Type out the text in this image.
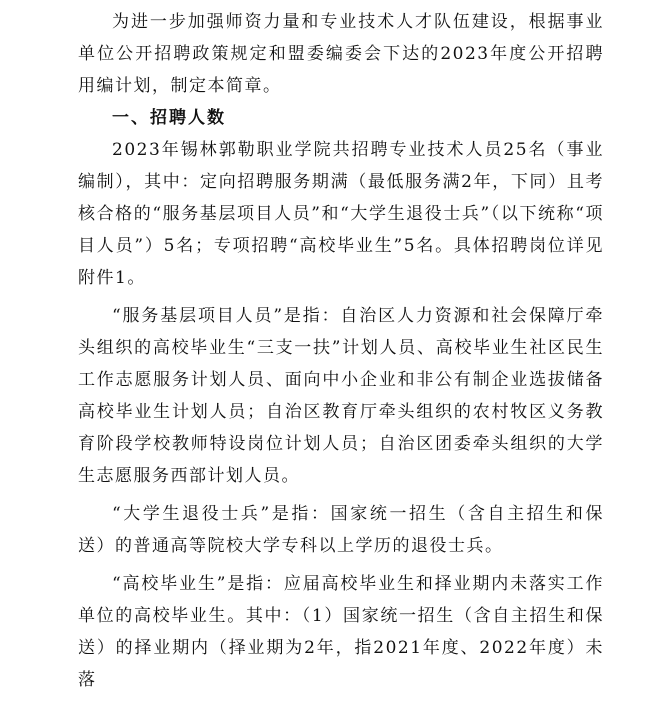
为进一步加强师资力量和专业技术人才队伍建设，根据事业单位公开招聘政策规定和盟委编委会下达的2023年度公开招聘用编计划，制定本简章。

一、招聘人数

2023年锡林郭勒职业学院共招聘专业技术人员25名（事业编制），其中：定向招聘服务期满（最低服务满2年，下同）且考核合格的“服务基层项目人员”和“大学生退役士兵”（以下统称“项目人员”）5名；专项招聘“高校毕业生”5名。具体招聘岗位详见附件1。

“服务基层项目人员”是指：自治区人力资源和社会保障厅牵头组织的高校毕业生“三支一扶”计划人员、高校毕业生社区民生工作志愿服务计划人员、面向中小企业和非公有制企业选拔储备高校毕业生计划人员；自治区教育厅牵头组织的农村牧区义务教育阶段学校教师特设岗位计划人员；自治区团委牵头组织的大学生志愿服务西部计划人员。

“大学生退役士兵”是指：国家统一招生（含自主招生和保送）的普通高等院校大学专科以上学历的退役士兵。

“高校毕业生”是指：应届高校毕业生和择业期内未落实工作单位的高校毕业生。其中：（1）国家统一招生（含自主招生和保送）的择业期内（择业期为2年，指2021年度、2022年度）未落
